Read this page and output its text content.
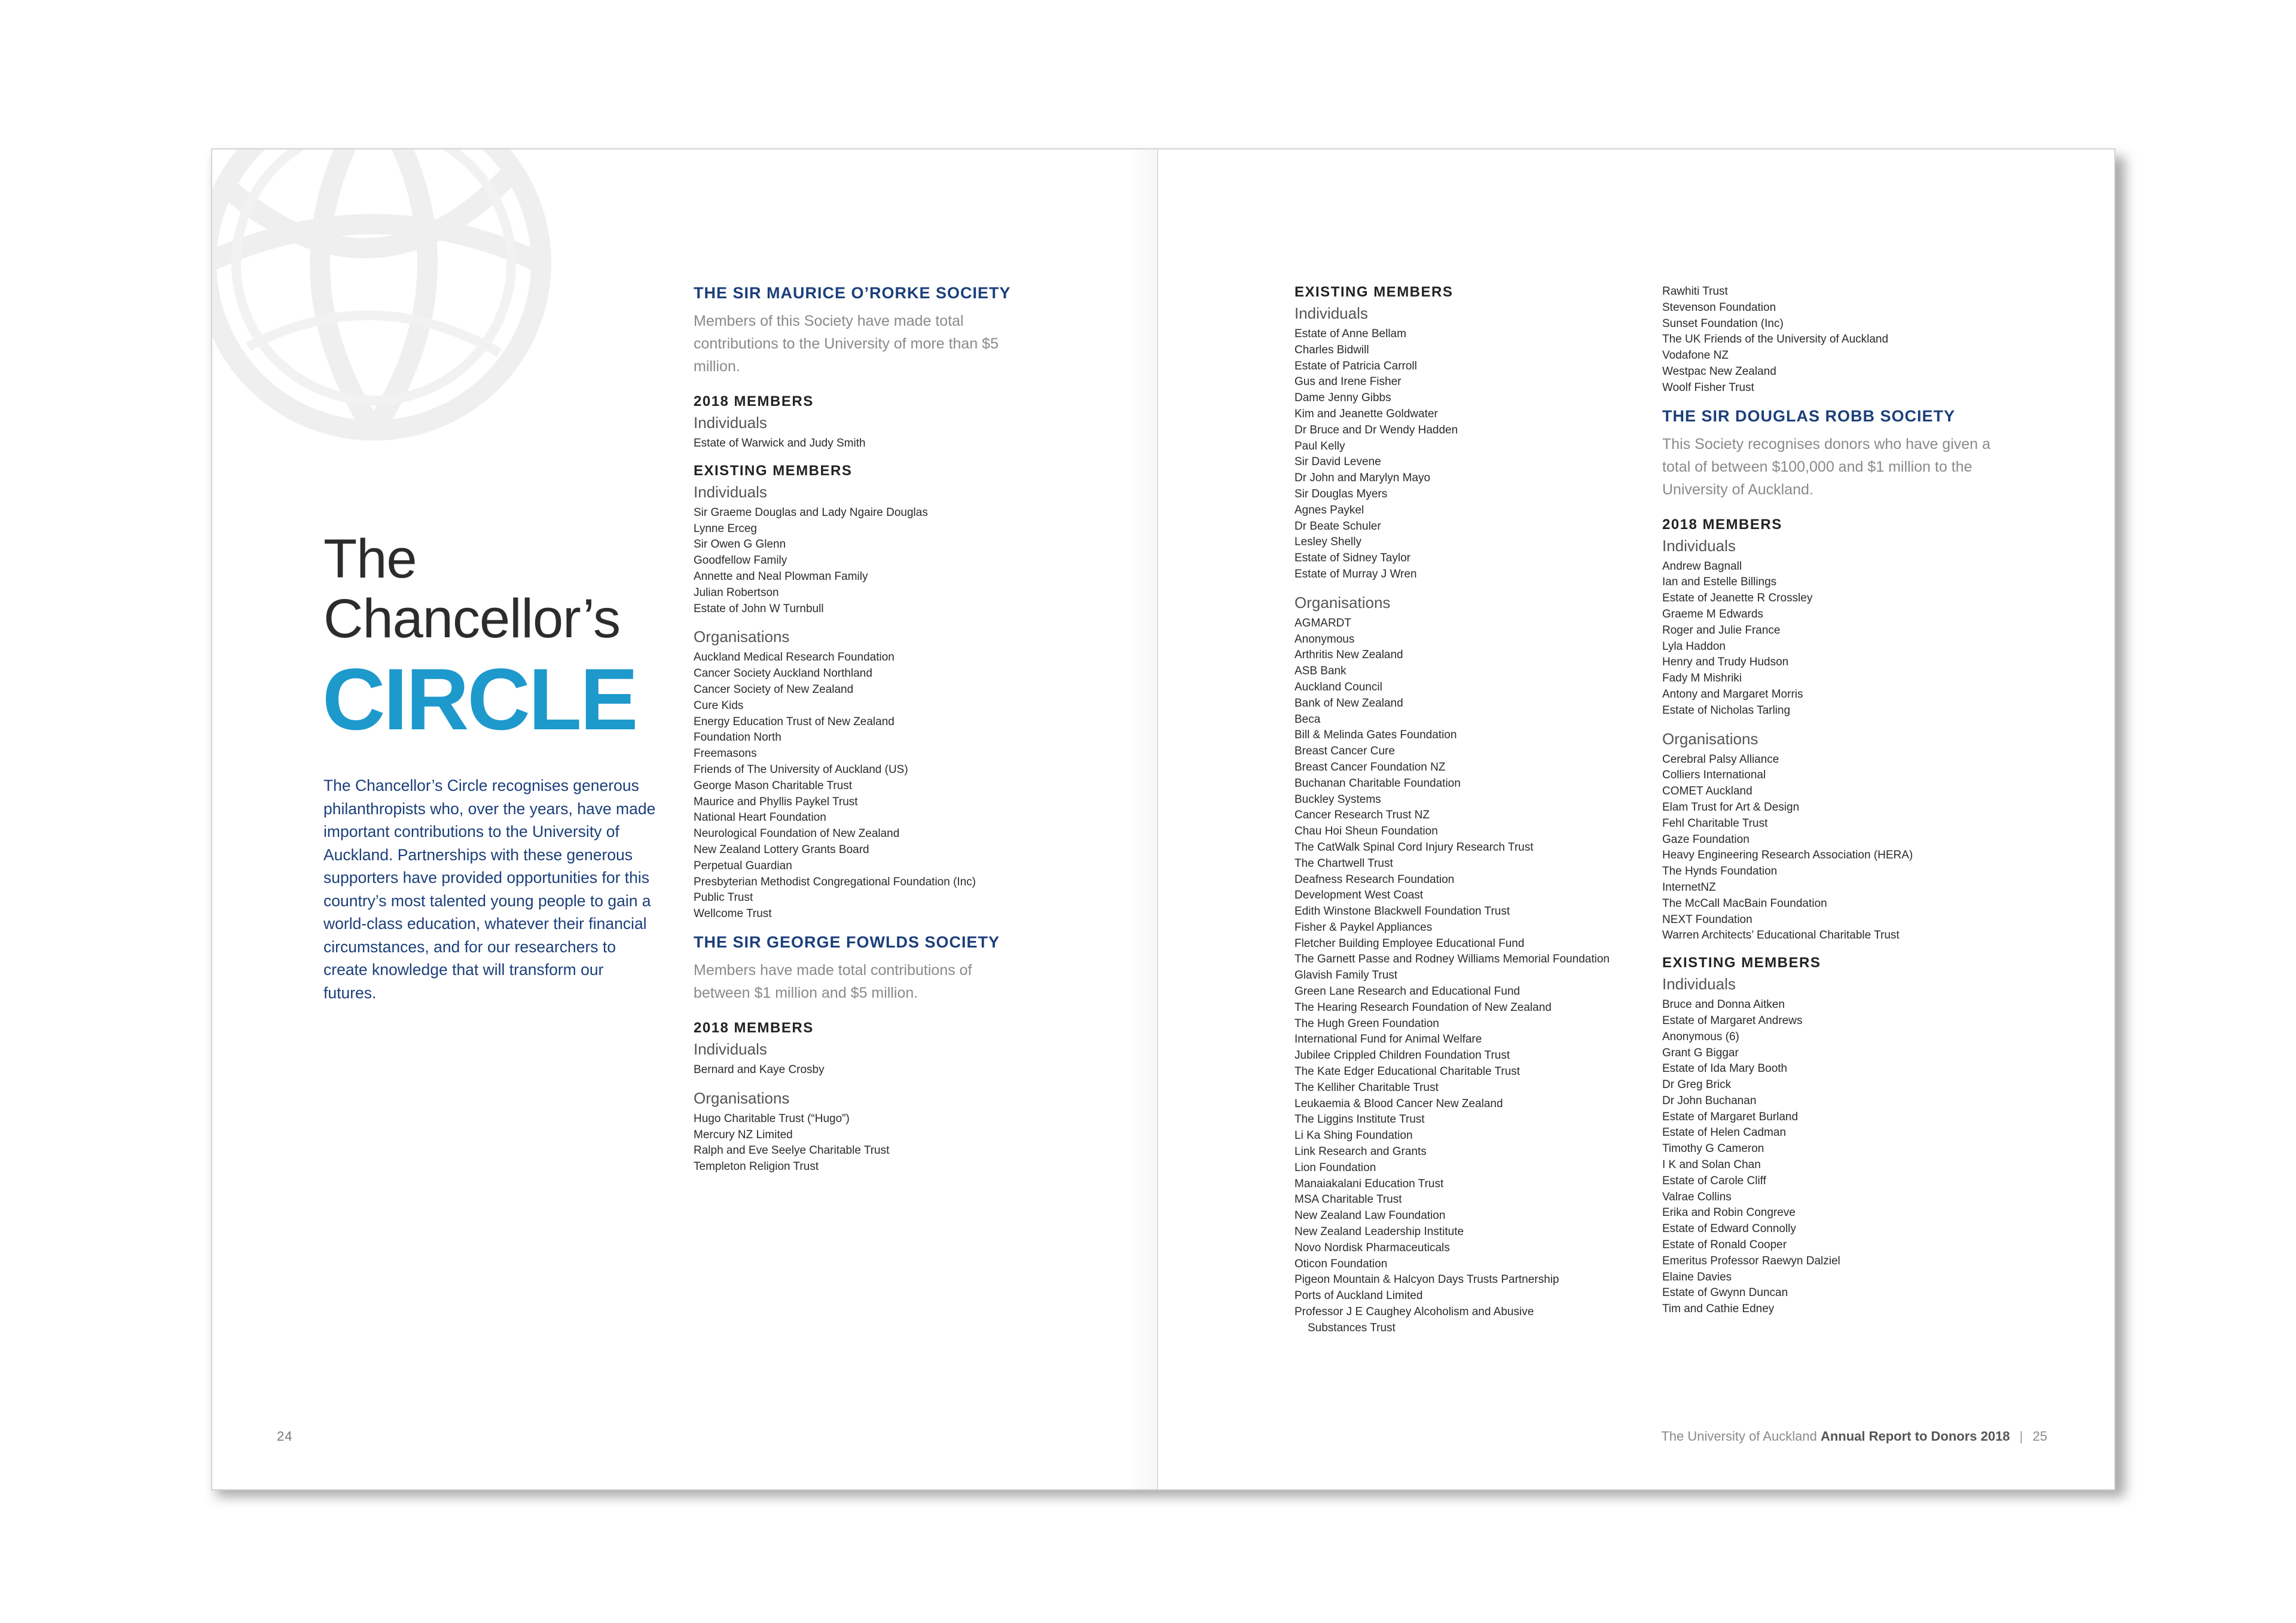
The
Chancellor’s
CIRCLE
The Chancellor’s Circle recognises generous philanthropists who, over the years, have made important contributions to the University of Auckland. Partnerships with these generous supporters have provided opportunities for this country’s most talented young people to gain a world-class education, whatever their financial circumstances, and for our researchers to create knowledge that will transform our futures.
THE SIR MAURICE O’RORKE SOCIETY
Members of this Society have made total contributions to the University of more than $5 million.
2018 MEMBERS
Individuals
Estate of Warwick and Judy Smith
EXISTING MEMBERS
Individuals
Sir Graeme Douglas and Lady Ngaire Douglas
Lynne Erceg
Sir Owen G Glenn
Goodfellow Family
Annette and Neal Plowman Family
Julian Robertson
Estate of John W Turnbull
Organisations
Auckland Medical Research Foundation
Cancer Society Auckland Northland
Cancer Society of New Zealand
Cure Kids
Energy Education Trust of New Zealand
Foundation North
Freemasons
Friends of The University of Auckland (US)
George Mason Charitable Trust
Maurice and Phyllis Paykel Trust
National Heart Foundation
Neurological Foundation of New Zealand
New Zealand Lottery Grants Board
Perpetual Guardian
Presbyterian Methodist Congregational Foundation (Inc)
Public Trust
Wellcome Trust
THE SIR GEORGE FOWLDS SOCIETY
Members have made total contributions of between $1 million and $5 million.
2018 MEMBERS
Individuals
Bernard and Kaye Crosby
Organisations
Hugo Charitable Trust (“Hugo”)
Mercury NZ Limited
Ralph and Eve Seelye Charitable Trust
Templeton Religion Trust
24
EXISTING MEMBERS
Individuals
Estate of Anne Bellam
Charles Bidwill
Estate of Patricia Carroll
Gus and Irene Fisher
Dame Jenny Gibbs
Kim and Jeanette Goldwater
Dr Bruce and Dr Wendy Hadden
Paul Kelly
Sir David Levene
Dr John and Marylyn Mayo
Sir Douglas Myers
Agnes Paykel
Dr Beate Schuler
Lesley Shelly
Estate of Sidney Taylor
Estate of Murray J Wren
Organisations
AGMARDT
Anonymous
Arthritis New Zealand
ASB Bank
Auckland Council
Bank of New Zealand
Beca
Bill & Melinda Gates Foundation
Breast Cancer Cure
Breast Cancer Foundation NZ
Buchanan Charitable Foundation
Buckley Systems
Cancer Research Trust NZ
Chau Hoi Sheun Foundation
The CatWalk Spinal Cord Injury Research Trust
The Chartwell Trust
Deafness Research Foundation
Development West Coast
Edith Winstone Blackwell Foundation Trust
Fisher & Paykel Appliances
Fletcher Building Employee Educational Fund
The Garnett Passe and Rodney Williams Memorial Foundation
Glavish Family Trust
Green Lane Research and Educational Fund
The Hearing Research Foundation of New Zealand
The Hugh Green Foundation
International Fund for Animal Welfare
Jubilee Crippled Children Foundation Trust
The Kate Edger Educational Charitable Trust
The Kelliher Charitable Trust
Leukaemia & Blood Cancer New Zealand
The Liggins Institute Trust
Li Ka Shing Foundation
Link Research and Grants
Lion Foundation
Manaiakalani Education Trust
MSA Charitable Trust
New Zealand Law Foundation
New Zealand Leadership Institute
Novo Nordisk Pharmaceuticals
Oticon Foundation
Pigeon Mountain & Halcyon Days Trusts Partnership
Ports of Auckland Limited
Professor J E Caughey Alcoholism and Abusive
Substances Trust
Rawhiti Trust
Stevenson Foundation
Sunset Foundation (Inc)
The UK Friends of the University of Auckland
Vodafone NZ
Westpac New Zealand
Woolf Fisher Trust
THE SIR DOUGLAS ROBB SOCIETY
This Society recognises donors who have given a total of between $100,000 and $1 million to the University of Auckland.
2018 MEMBERS
Individuals
Andrew Bagnall
Ian and Estelle Billings
Estate of Jeanette R Crossley
Graeme M Edwards
Roger and Julie France
Lyla Haddon
Henry and Trudy Hudson
Fady M Mishriki
Antony and Margaret Morris
Estate of Nicholas Tarling
Organisations
Cerebral Palsy Alliance
Colliers International
COMET Auckland
Elam Trust for Art & Design
Fehl Charitable Trust
Gaze Foundation
Heavy Engineering Research Association (HERA)
The Hynds Foundation
InternetNZ
The McCall MacBain Foundation
NEXT Foundation
Warren Architects’ Educational Charitable Trust
EXISTING MEMBERS
Individuals
Bruce and Donna Aitken
Estate of Margaret Andrews
Anonymous (6)
Grant G Biggar
Estate of Ida Mary Booth
Dr Greg Brick
Dr John Buchanan
Estate of Margaret Burland
Estate of Helen Cadman
Timothy G Cameron
I K and Solan Chan
Estate of Carole Cliff
Valrae Collins
Erika and Robin Congreve
Estate of Edward Connolly
Estate of Ronald Cooper
Emeritus Professor Raewyn Dalziel
Elaine Davies
Estate of Gwynn Duncan
Tim and Cathie Edney
The University of Auckland Annual Report to Donors 2018 | 25
